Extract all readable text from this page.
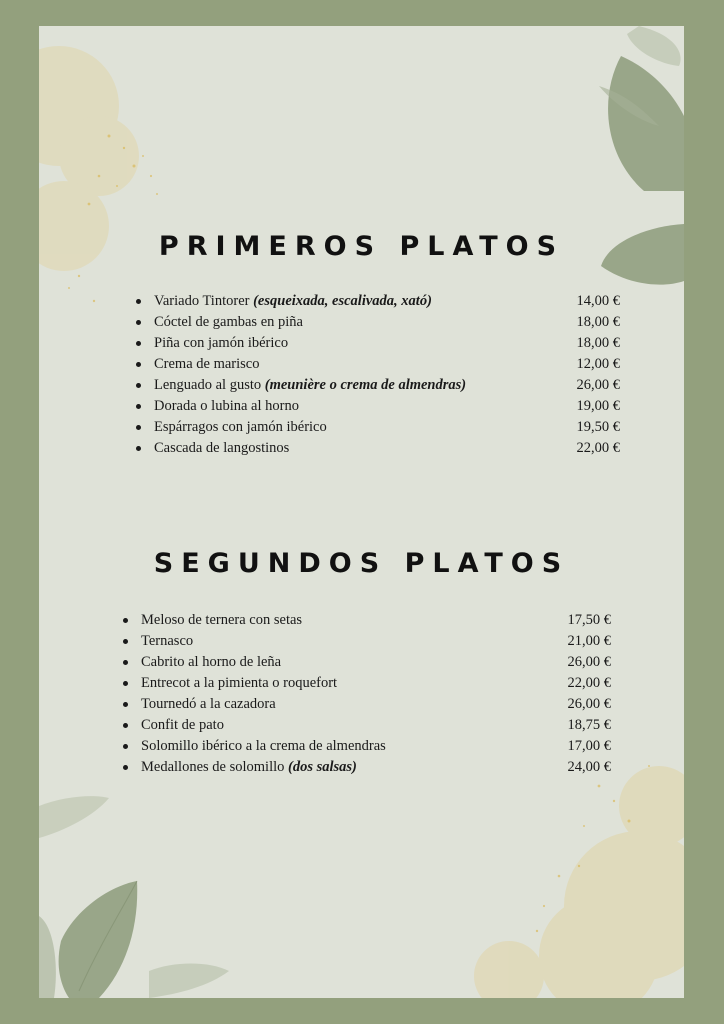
PRIMEROS PLATOS
Variado Tintorer (esqueixada, escalivada, xató)	14,00 €
Cóctel de gambas en piña	18,00 €
Piña con jamón ibérico	18,00 €
Crema de marisco	12,00 €
Lenguado al gusto (meunière o crema de almendras)	26,00 €
Dorada o lubina al horno	19,00 €
Espárragos con jamón ibérico	19,50 €
Cascada de langostinos	22,00 €
SEGUNDOS PLATOS
Meloso de ternera con setas	17,50 €
Ternasco	21,00 €
Cabrito al horno de leña	26,00 €
Entrecot a la pimienta o roquefort	22,00 €
Tournedó a la cazadora	26,00 €
Confit de pato	18,75 €
Solomillo ibérico a la crema de almendras	17,00 €
Medallones de solomillo (dos salsas)	24,00 €
